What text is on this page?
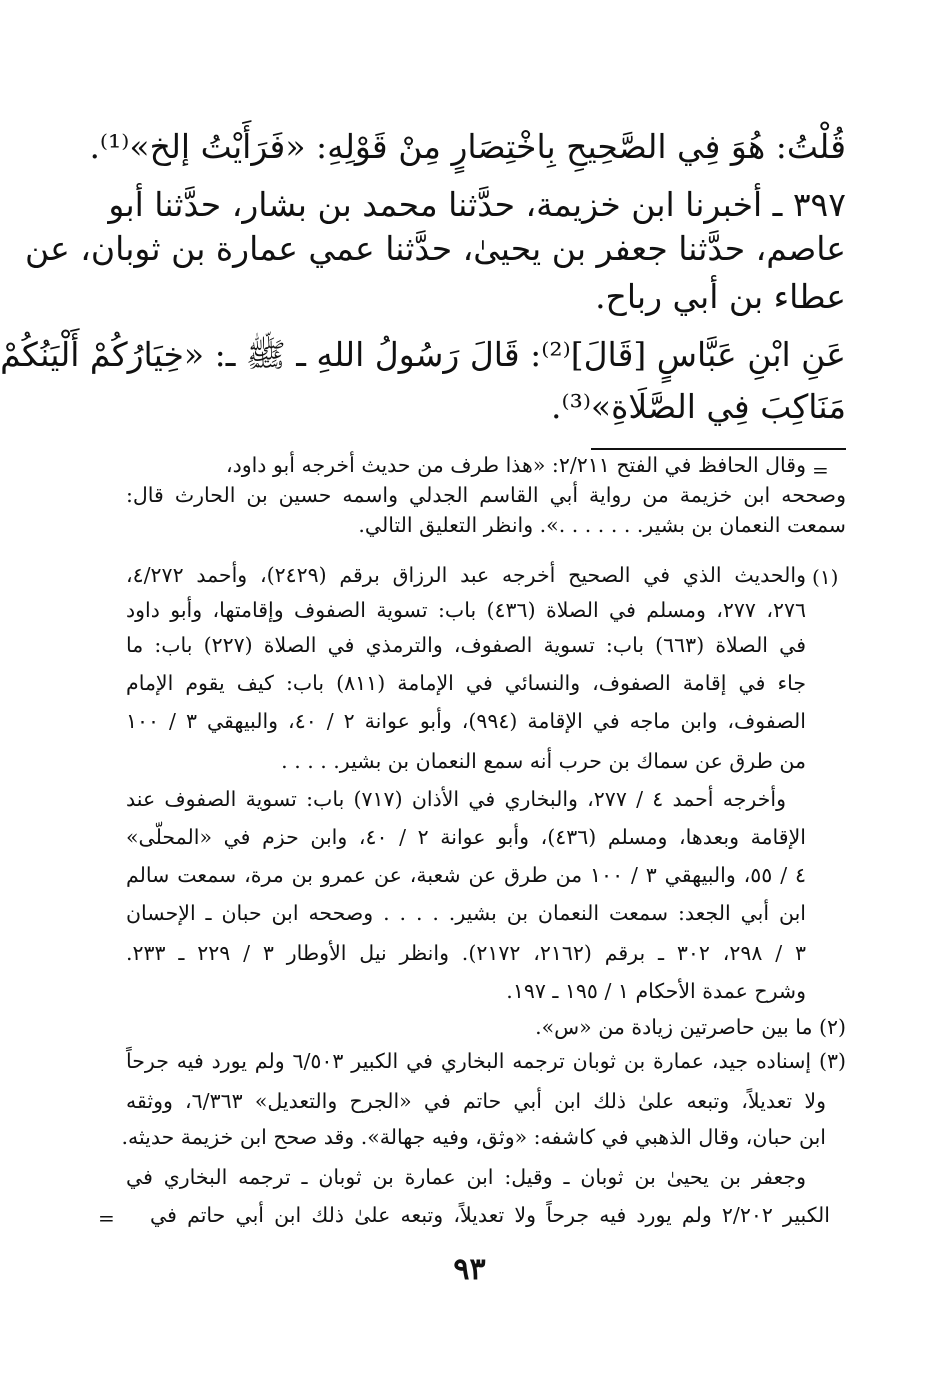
قُلْتُ: هُوَ فِي الصَّحِيحِ بِاخْتِصَارٍ مِنْ قَوْلِهِ: «فَرَأَيْتُ إلخ»⁽¹⁾.
٣٩٧ ـ أخبرنا ابن خزيمة، حدَّثنا محمد بن بشار، حدَّثنا أبو
عاصم، حدَّثنا جعفر بن يحيىٰ، حدَّثنا عمي عمارة بن ثوبان، عن
عطاء بن أبي رباح.
عَنِ ابْنِ عَبَّاسٍ [قَالَ]⁽²⁾: قَالَ رَسُولُ اللهِ ـ ﷺ ـ: «خِيَارُكُمْ أَلْيَنُكُمْ
مَنَاكِبَ فِي الصَّلَاةِ»⁽³⁾.
=
وقال الحافظ في الفتح ٢/٢١١: «هذا طرف من حديث أخرجه أبو داود،
وصححه ابن خزيمة من رواية أبي القاسم الجدلي واسمه حسين بن الحارث قال:
سمعت النعمان بن بشير. . . . . . .». وانظر التعليق التالي.
(١)
والحديث الذي في الصحيح أخرجه عبد الرزاق برقم (٢٤٢٩)، وأحمد ٤/٢٧٢،
٢٧٦، ٢٧٧، ومسلم في الصلاة (٤٣٦) باب: تسوية الصفوف وإقامتها، وأبو داود
في الصلاة (٦٦٣) باب: تسوية الصفوف، والترمذي في الصلاة (٢٢٧) باب: ما
جاء في إقامة الصفوف، والنسائي في الإمامة (٨١١) باب: كيف يقوم الإمام
الصفوف، وابن ماجه في الإقامة (٩٩٤)، وأبو عوانة ٢ / ٤٠، والبيهقي ٣ / ١٠٠
من طرق عن سماك بن حرب أنه سمع النعمان بن بشير. . . . .
وأخرجه أحمد ٤ / ٢٧٧، والبخاري في الأذان (٧١٧) باب: تسوية الصفوف عند
الإقامة وبعدها، ومسلم (٤٣٦)، وأبو عوانة ٢ / ٤٠، وابن حزم في «المحلّى»
٤ / ٥٥، والبيهقي ٣ / ١٠٠ من طرق عن شعبة، عن عمرو بن مرة، سمعت سالم
ابن أبي الجعد: سمعت النعمان بن بشير. . . . . وصححه ابن حبان ـ الإحسان
٣ / ٢٩٨، ٣٠٢ ـ برقم (٢١٦٢، ٢١٧٢). وانظر نيل الأوطار ٣ / ٢٢٩ ـ ٢٣٣.
وشرح عمدة الأحكام ١ / ١٩٥ ـ ١٩٧.
(٢) ما بين حاصرتين زيادة من «س».
(٣) إسناده جيد، عمارة بن ثوبان ترجمه البخاري في الكبير ٦/٥٠٣ ولم يورد فيه جرحاً
ولا تعديلاً، وتبعه علىٰ ذلك ابن أبي حاتم في «الجرح والتعديل» ٦/٣٦٣، ووثقه
ابن حبان، وقال الذهبي في كاشفه: «وثق، وفيه جهالة». وقد صحح ابن خزيمة حديثه.
وجعفر بن يحيىٰ بن ثوبان ـ وقيل: ابن عمارة بن ثوبان ـ ترجمه البخاري في
الكبير ٢/٢٠٢ ولم يورد فيه جرحاً ولا تعديلاً، وتبعه علىٰ ذلك ابن أبي حاتم في
=
٩٣
